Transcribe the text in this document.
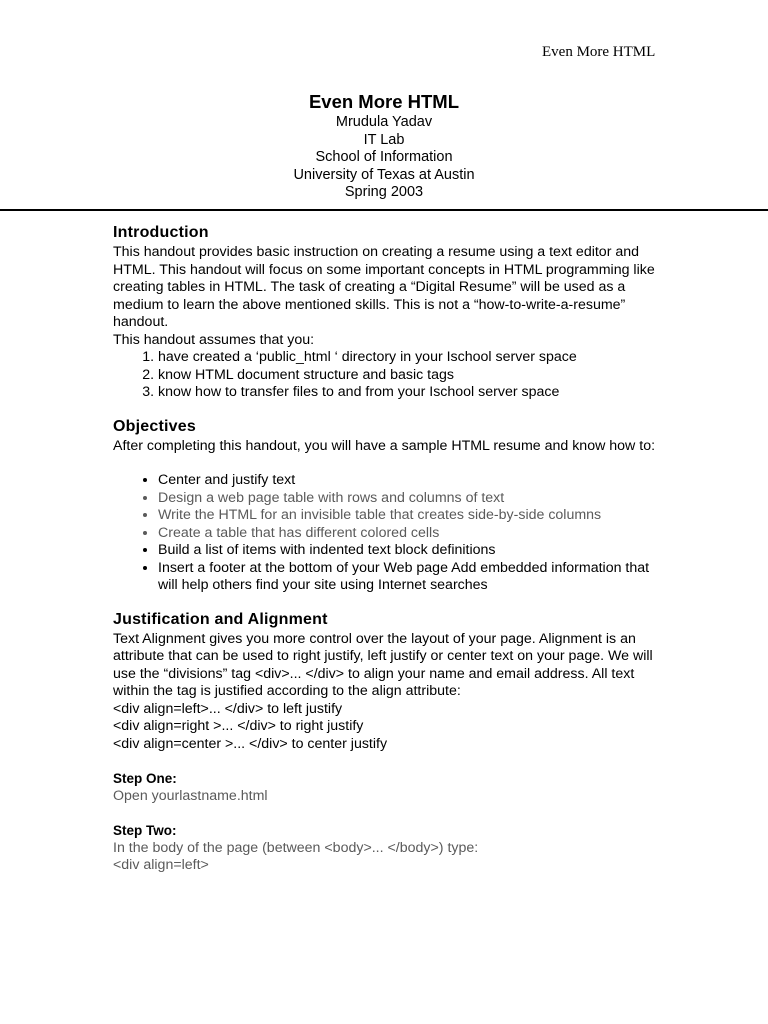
Even More HTML
Even More HTML
Mrudula Yadav
IT Lab
School of Information
University of Texas at Austin
Spring 2003
Introduction

This handout provides basic instruction on creating a resume using a text editor and HTML. This handout will focus on some important concepts in HTML programming like creating tables in HTML. The task of creating a “Digital Resume” will be used as a medium to learn the above mentioned skills. This is not a “how-to-write-a-resume” handout.

This handout assumes that you:

1. have created a ‘public_html ‘ directory in your Ischool server space
2. know HTML document structure and basic tags
3. know how to transfer files to and from your Ischool server space
Objectives

After completing this handout, you will have a sample HTML resume and know how to:

• Center and justify text
• Design a web page table with rows and columns of text
• Write the HTML for an invisible table that creates side-by-side columns
• Create a table that has different colored cells
• Build a list of items with indented text block definitions
• Insert a footer at the bottom of your Web page Add embedded information that will help others find your site using Internet searches
Justification and Alignment

Text Alignment gives you more control over the layout of your page. Alignment is an attribute that can be used to right justify, left justify or center text on your page. We will use the “divisions” tag <div>... </div> to align your name and email address. All text within the tag is justified according to the align attribute:

<div align=left>... </div> to left justify

<div align=right >... </div> to right justify

<div align=center >... </div> to center justify

Step One:

Open yourlastname.html

Step Two:

In the body of the page (between <body>... </body>) type:

<div align=left>
